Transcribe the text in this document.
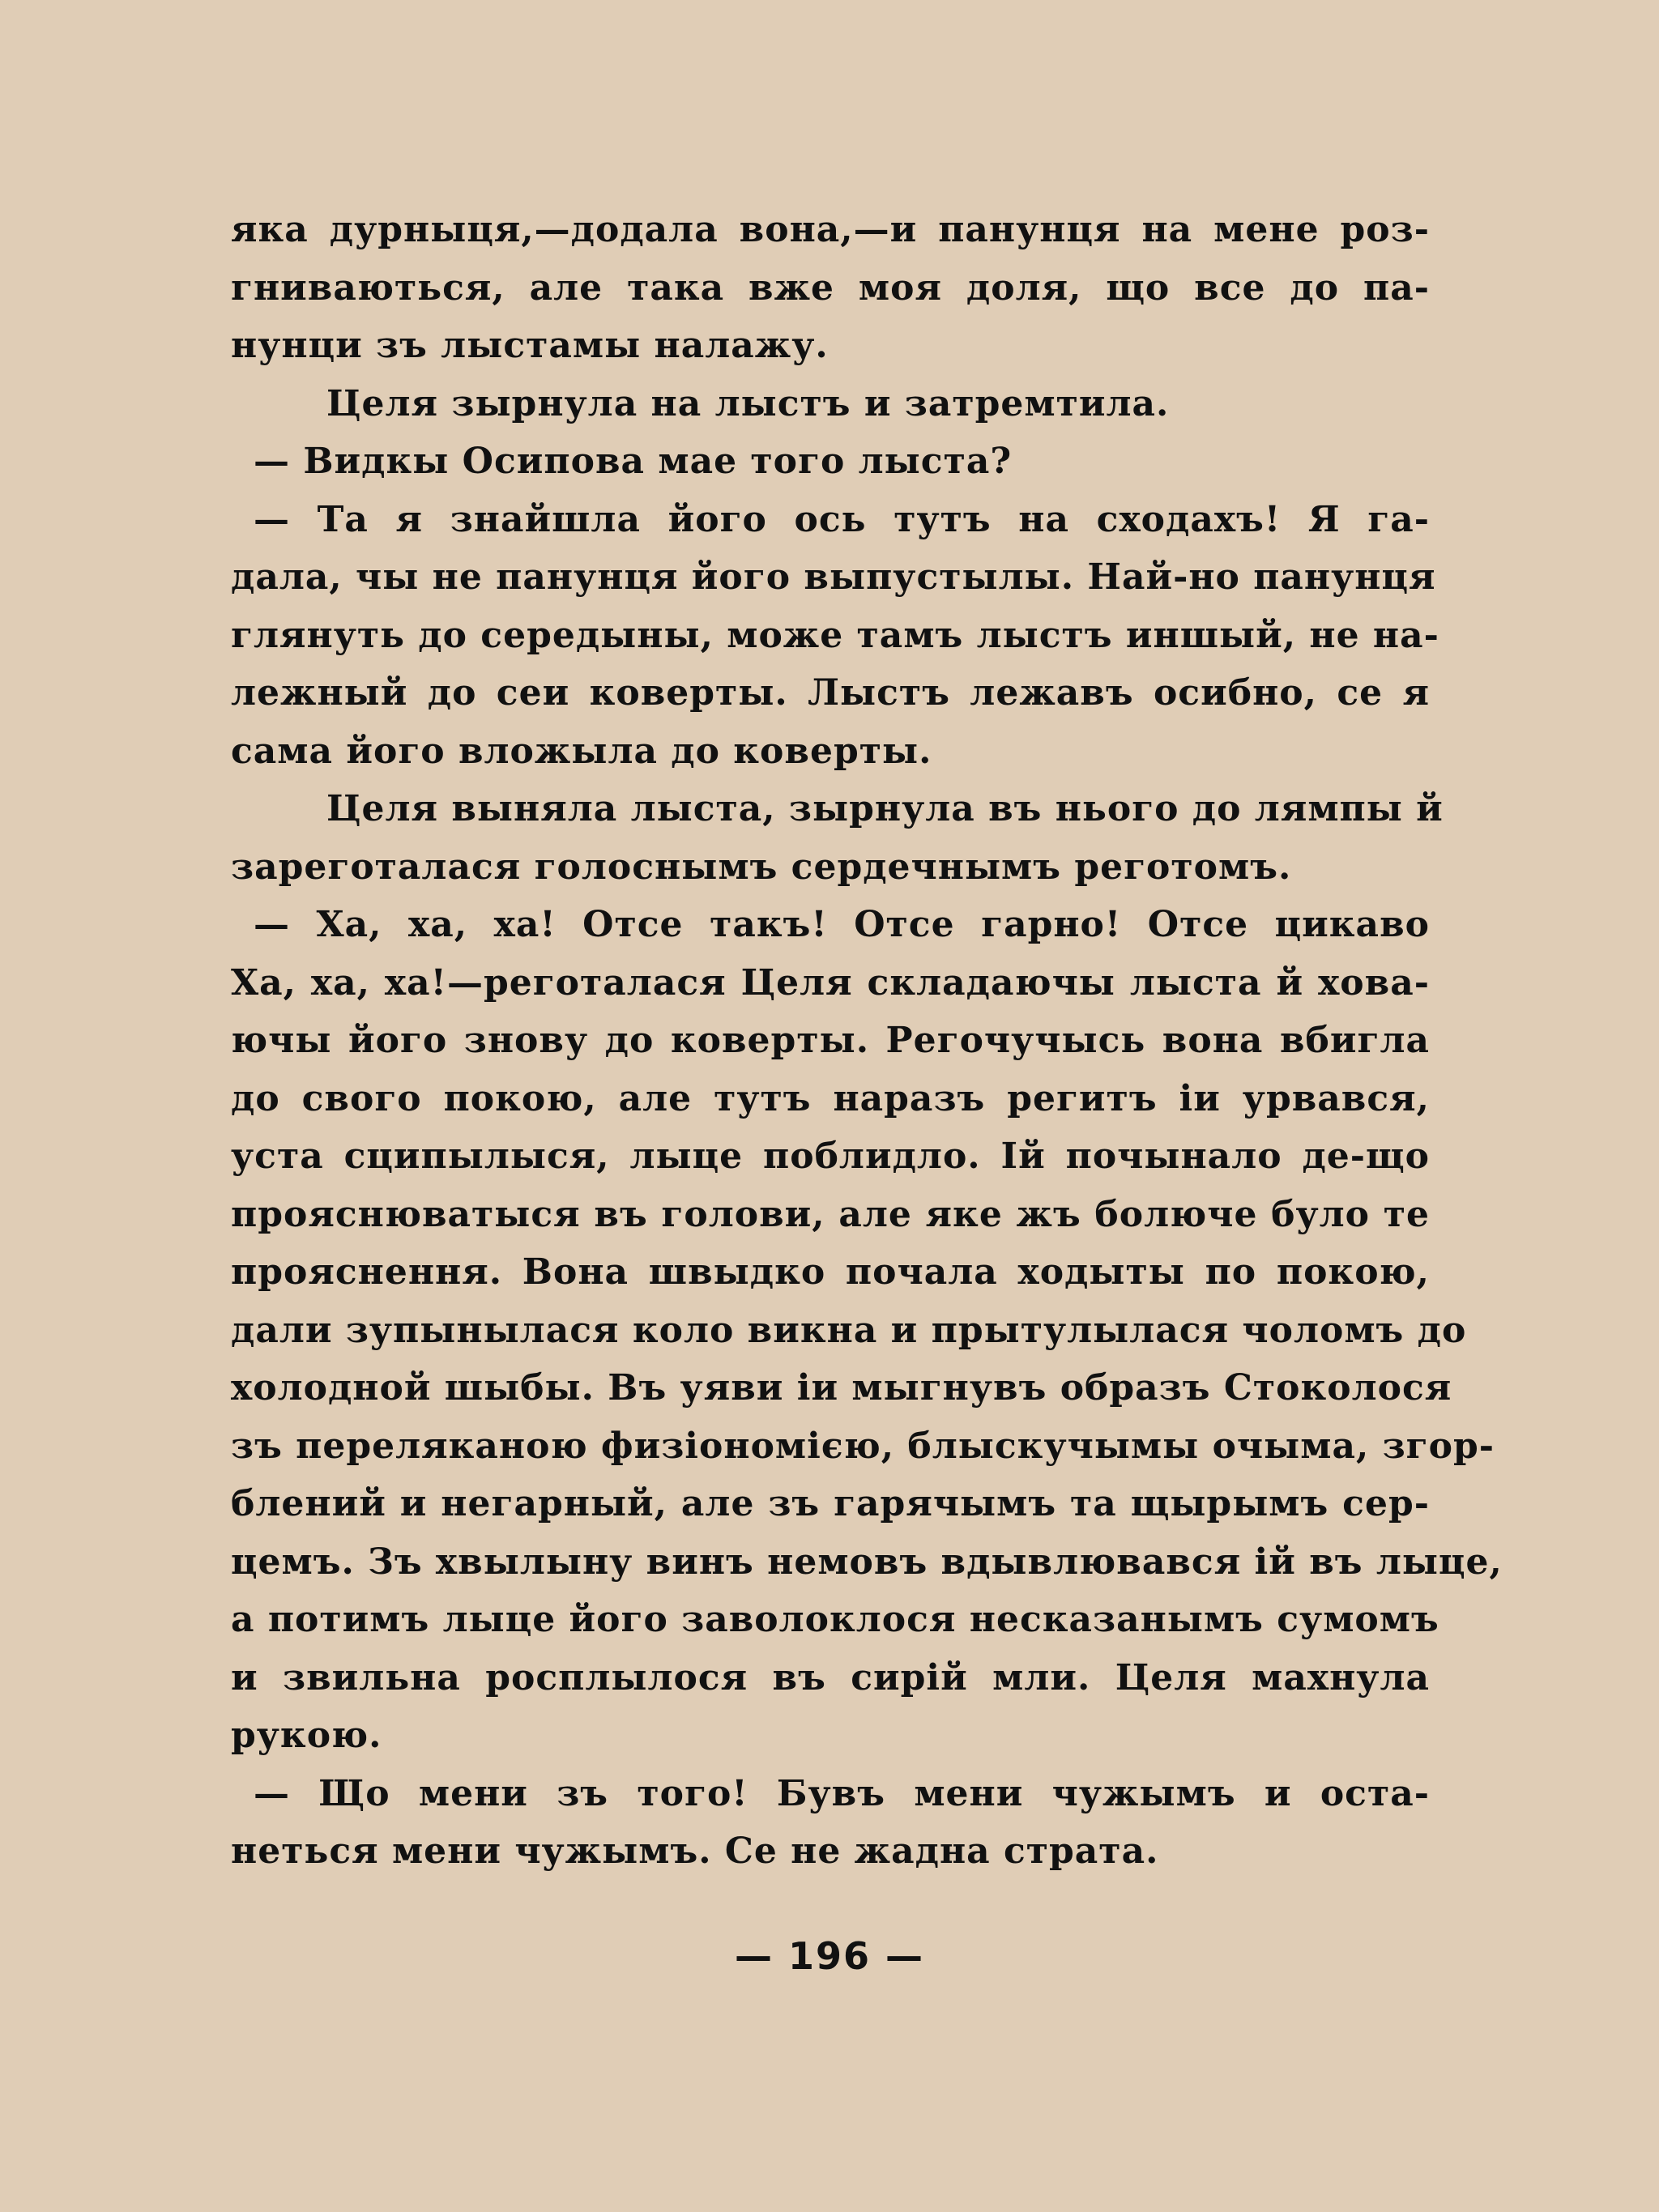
яка дурныця,—додала вона,—и панунця на мене роз-
гниваються, але така вже моя доля, що все до па-
нунци зъ лыстамы налажу.
Целя зырнула на лыстъ и затремтила.
— Видкы Осипова мае того лыста?
— Та я знайшла його ось тутъ на сходахъ! Я га-
дала, чы не панунця його выпустылы. Най-но панунця
глянуть до середыны, може тамъ лыстъ иншый, не на-
лежный до сеи коверты. Лыстъ лежавъ осибно, се я
сама його вложыла до коверты.
Целя выняла лыста, зырнула въ нього до лямпы й
зареготалася голоснымъ сердечнымъ реготомъ.
— Ха, ха, ха! Отсе такъ! Отсе гарно! Отсе цикаво
Ха, ха, ха!—реготалася Целя складаючы лыста й хова-
ючы його знову до коверты. Регочучысь вона вбигла
до свого покою, але тутъ наразъ регитъ іи урвався,
уста сципылыся, лыце поблидло. Ій почынало де-що
прояснюватыся въ голови, але яке жъ болюче було те
прояснення. Вона швыдко почала ходыты по покою,
дали зупынылася коло викна и прытулылася чоломъ до
холодной шыбы. Въ уяви іи мыгнувъ образъ Стоколося
зъ переляканою физіономією, блыскучымы очыма, згор-
блений и негарный, але зъ гарячымъ та щырымъ сер-
цемъ. Зъ хвылыну винъ немовъ вдывлювався ій въ лыце,
а потимъ лыце його заволоклося несказанымъ сумомъ
и звильна росплылося въ сирій мли. Целя махнула
рукою.
— Що мени зъ того! Бувъ мени чужымъ и оста-
неться мени чужымъ. Се не жадна страта.
— 196 —
